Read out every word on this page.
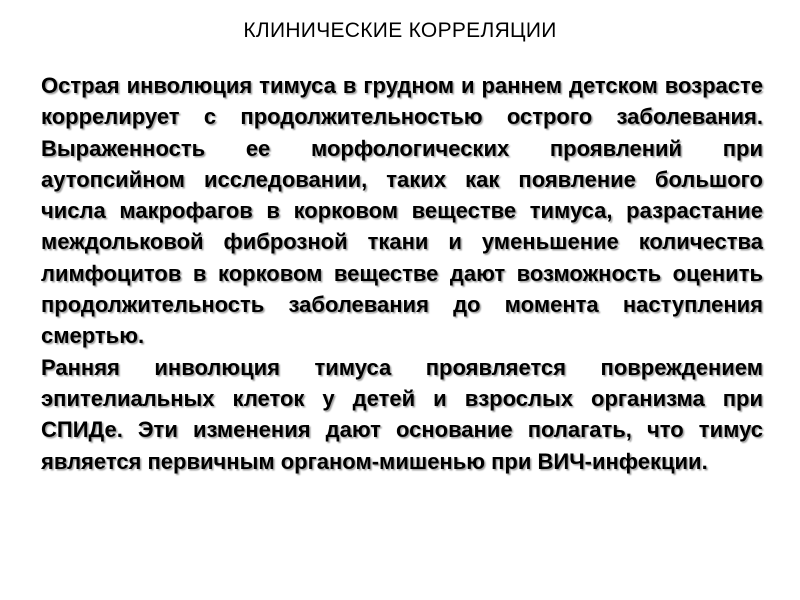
КЛИНИЧЕСКИЕ КОРРЕЛЯЦИИ

Острая инволюция тимуса в грудном и раннем детском возрасте коррелирует с продолжительностью острого заболевания. Выраженность ее морфологических проявлений при аутопсийном исследовании, таких как появление большого числа макрофагов в корковом веществе тимуса, разрастание междольковой фиброзной ткани и уменьшение количества лимфоцитов в корковом веществе дают возможность оценить продолжительность заболевания до момента наступления смертью.

Ранняя инволюция тимуса проявляется повреждением эпителиальных клеток у детей и взрослых организма при СПИДе. Эти изменения дают основание полагать, что тимус является первичным органом-мишенью при ВИЧ-инфекции.
